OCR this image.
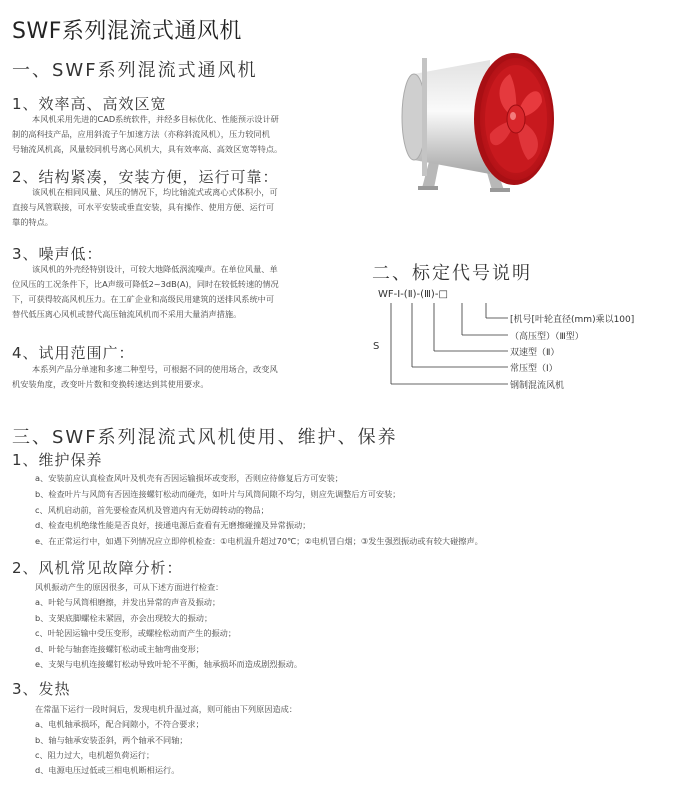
SWF系列混流式通风机
一、SWF系列混流式通风机
1、效率高、高效区宽
本风机采用先进的CAD系统软件，并经多目标优化、性能预示设计研
制的高科技产品，应用斜流子午加速方法（亦称斜流风机），压力较同机
号轴流风机高，风量较同机号离心风机大，具有效率高、高效区宽等特点。
2、结构紧凑，安装方便，运行可靠：
该风机在相同风量、风压的情况下，均比轴流式或离心式体积小，可
直接与风管联接，可水平安装或垂直安装，具有操作、使用方便、运行可
靠的特点。
3、噪声低：
该风机的外壳经特别设计，可较大地降低涡流噪声。在单位风量、单
位风压的工况条件下，比A声级可降低2~3dB(A)，同时在较低转速的情况
下，可获得较高风机压力。在工矿企业和高级民用建筑的送排风系统中可
替代低压离心风机或替代高压轴流风机而不采用大量消声措施。
4、试用范围广：
本系列产品分单速和多速二种型号，可根据不同的使用场合，改变风
机安装角度，改变叶片数和变换转速达到其使用要求。
二、标定代号说明
WF-Ⅰ-(Ⅱ)-(Ⅲ)-□
S
[机号[叶轮直径(mm)乘以100]
（高压型）（Ⅲ型）
双速型（Ⅱ）
常压型（Ⅰ）
钢制混流风机
三、SWF系列混流式风机使用、维护、保养
1、维护保养
a、安装前应认真检查风叶及机壳有否因运输损坏或变形，否则应待修复后方可安装；
b、检查叶片与风筒有否因连接螺钉松动而碰壳，如叶片与风筒间隙不均匀，则应先调整后方可安装；
c、风机启动前，首先要检查风机及管道内有无妨碍转动的物品；
d、检查电机绝缘性能是否良好，接通电源后查看有无磨擦碰撞及异常振动；
e、在正常运行中，如遇下列情况应立即停机检查：①电机温升超过70℃；②电机冒白烟；③发生强烈振动或有较大碰擦声。
2、风机常见故障分析：
风机振动产生的原因很多，可从下述方面进行检查：
a、叶轮与风筒相磨擦，并发出异常的声音及振动；
b、支架底脚螺栓未紧固，亦会出现较大的振动；
c、叶轮因运输中受压变形，或螺栓松动而产生的振动；
d、叶轮与轴套连接螺钉松动或主轴弯曲变形；
e、支架与电机连接螺钉松动导致叶轮不平衡，轴承损坏而造成剧烈振动。
3、发热
在常温下运行一段时间后，发现电机升温过高，则可能由下列原因造成：
a、电机轴承损坏，配合间隙小，不符合要求；
b、轴与轴承安装歪斜，两个轴承不同轴；
c、阻力过大，电机超负荷运行；
d、电源电压过低或三相电机断相运行。
